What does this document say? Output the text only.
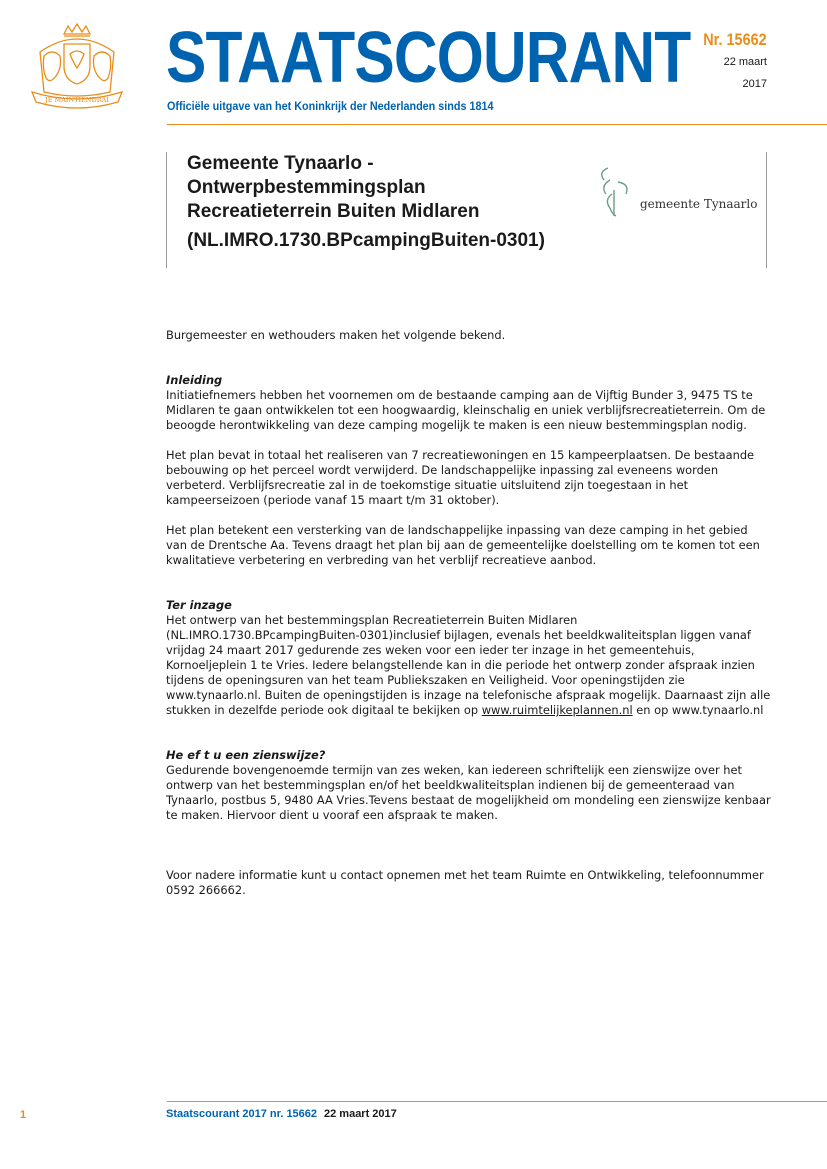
JE MAINTIENDRAI
STAATSCOURANT
Officiële uitgave van het Koninkrijk der Nederlanden sinds 1814
Nr. 15662
22 maart
2017
Gemeente Tynaarlo -
Ontwerpbestemmingsplan
Recreatieterrein Buiten Midlaren
(NL.IMRO.1730.BPcampingBuiten-0301)
gemeente Tynaarlo

Burgemeester en wethouders maken het volgende bekend.

Inleiding

Initiatiefnemers hebben het voornemen om de bestaande camping aan de Vijftig Bunder 3, 9475 TS te Midlaren te gaan ontwikkelen tot een hoogwaardig, kleinschalig en uniek verblijfsrecreatieterrein. Om de beoogde herontwikkeling van deze camping mogelijk te maken is een nieuw bestemmingsplan nodig.

Het plan bevat in totaal het realiseren van 7 recreatiewoningen en 15 kampeerplaatsen. De bestaande bebouwing op het perceel wordt verwijderd. De landschappelijke inpassing zal eveneens worden verbeterd. Verblijfsrecreatie zal in de toekomstige situatie uitsluitend zijn toegestaan in het kampeerseizoen (periode vanaf 15 maart t/m 31 oktober).

Het plan betekent een versterking van de landschappelijke inpassing van deze camping in het gebied van de Drentsche Aa. Tevens draagt het plan bij aan de gemeentelijke doelstelling om te komen tot een kwalitatieve verbetering en verbreding van het verblijf recreatieve aanbod.

Ter inzage

Het ontwerp van het bestemmingsplan Recreatieterrein Buiten Midlaren (NL.IMRO.1730.BPcampingBuiten-0301)inclusief bijlagen, evenals het beeldkwaliteitsplan liggen vanaf vrijdag 24 maart 2017 gedurende zes weken voor een ieder ter inzage in het gemeentehuis, Kornoeljeplein 1 te Vries. Iedere belangstellende kan in die periode het ontwerp zonder afspraak inzien tijdens de openingsuren van het team Publiekszaken en Veiligheid. Voor openingstijden zie www.tynaarlo.nl. Buiten de openingstijden is inzage na telefonische afspraak mogelijk. Daarnaast zijn alle stukken in dezelfde periode ook digitaal te bekijken op www.ruimtelijkeplannen.nl en op www.tynaarlo.nl

He ef t u een zienswijze?

Gedurende bovengenoemde termijn van zes weken, kan iedereen schriftelijk een zienswijze over het ontwerp van het bestemmingsplan en/of het beeldkwaliteitsplan indienen bij de gemeenteraad van Tynaarlo, postbus 5, 9480 AA Vries.Tevens bestaat de mogelijkheid om mondeling een zienswijze kenbaar te maken. Hiervoor dient u vooraf een afspraak te maken.

Voor nadere informatie kunt u contact opnemen met het team Ruimte en Ontwikkeling, telefoonnummer 0592 266662.

1	Staatscourant 2017 nr. 15662 22 maart 2017
